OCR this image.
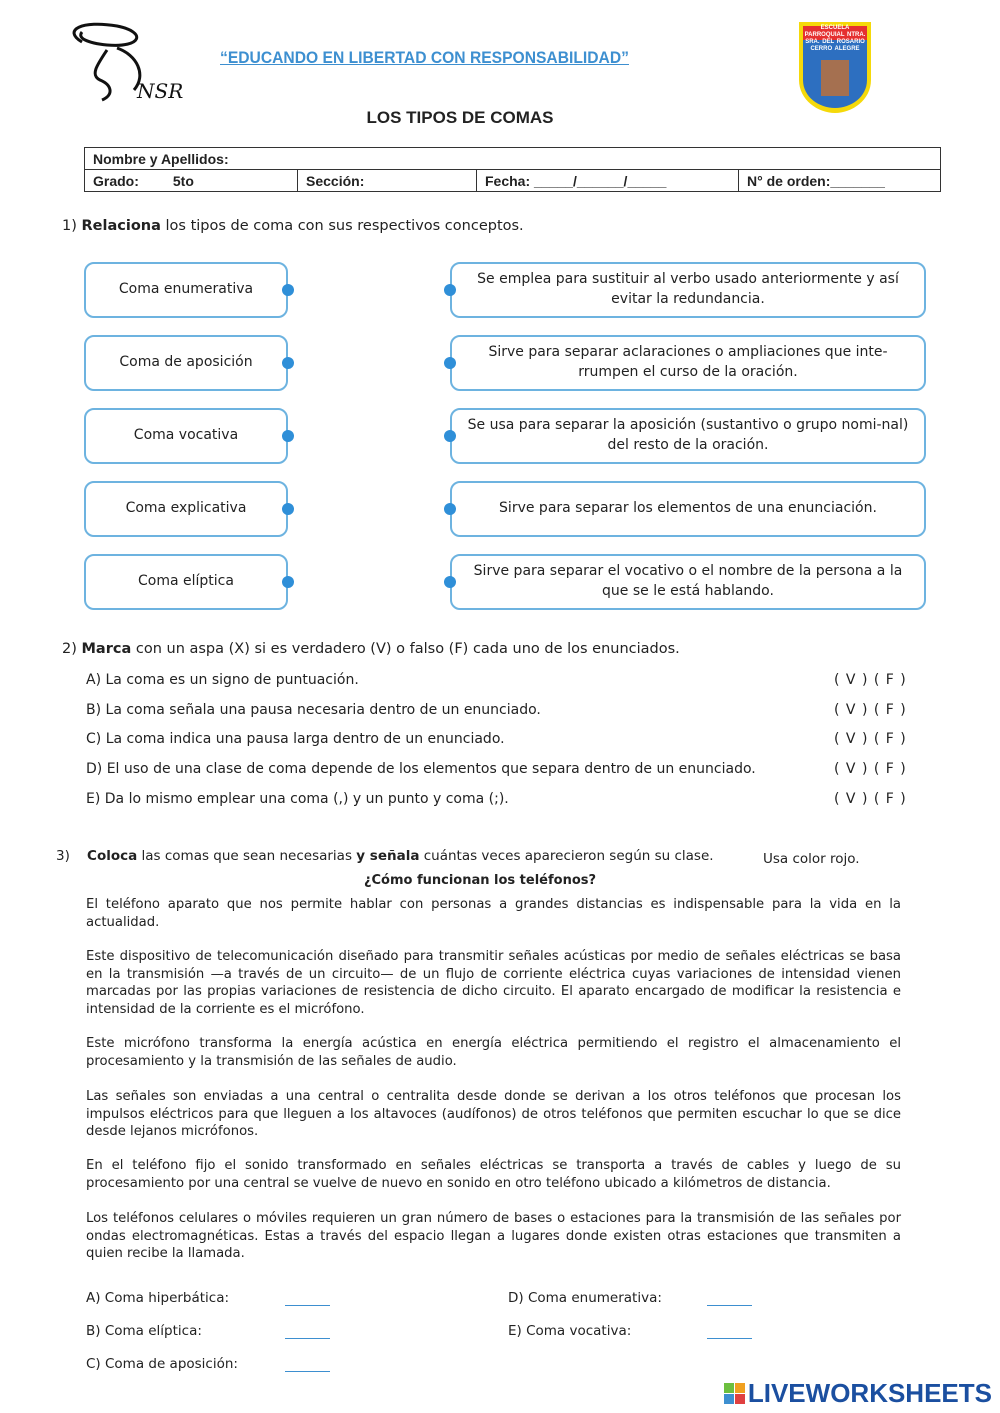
NSR
“EDUCANDO EN LIBERTAD CON RESPONSABILIDAD”
ESCUELA PARROQUIAL NTRA. SRA. DEL ROSARIO CERRO ALEGRE
LOS TIPOS DE COMAS
Nombre y Apellidos:
Grado: 5to	Sección:	Fecha: _____/______/_____	N° de orden:_______
1) Relaciona los tipos de coma con sus respectivos conceptos.
Coma enumerativa
Se emplea para sustituir al verbo usado anteriormente y así evitar la redundancia.
Coma de aposición
Sirve para separar aclaraciones o ampliaciones que inte-rrumpen el curso de la oración.
Coma vocativa
Se usa para separar la aposición (sustantivo o grupo nomi-nal) del resto de la oración.
Coma explicativa	Sirve para separar los elementos de una enunciación.
Coma elíptica
Sirve para separar el vocativo o el nombre de la persona a la que se le está hablando.
2) Marca con un aspa (X) si es verdadero (V) o falso (F) cada uno de los enunciados.
A) La coma es un signo de puntuación.	( V ) ( F )
B) La coma señala una pausa necesaria dentro de un enunciado.	( V ) ( F )
C) La coma indica una pausa larga dentro de un enunciado.	( V ) ( F )
D) El uso de una clase de coma depende de los elementos que separa dentro de un enunciado.	( V ) ( F )
E) Da lo mismo emplear una coma (,) y un punto y coma (;).	( V ) ( F )
3) Coloca las comas que sean necesarias y señala cuántas veces aparecieron según su clase.	Usa color rojo.
¿Cómo funcionan los teléfonos?
El teléfono aparato que nos permite hablar con personas a grandes distancias es indispensable para la vida en la actualidad.
Este dispositivo de telecomunicación diseñado para transmitir señales acústicas por medio de señales eléctricas se basa en la transmisión —a través de un circuito— de un flujo de corriente eléctrica cuyas variaciones de intensidad vienen marcadas por las propias variaciones de resistencia de dicho circuito. El aparato encargado de modificar la resistencia e intensidad de la corriente es el micrófono.
Este micrófono transforma la energía acústica en energía eléctrica permitiendo el registro el almacenamiento el procesamiento y la transmisión de las señales de audio.
Las señales son enviadas a una central o centralita desde donde se derivan a los otros teléfonos que procesan los impulsos eléctricos para que lleguen a los altavoces (audífonos) de otros teléfonos que permiten escuchar lo que se dice desde lejanos micrófonos.
En el teléfono fijo el sonido transformado en señales eléctricas se transporta a través de cables y luego de su procesamiento por una central se vuelve de nuevo en sonido en otro teléfono ubicado a kilómetros de distancia.
Los teléfonos celulares o móviles requieren un gran número de bases o estaciones para la transmisión de las señales por ondas electromagnéticas. Estas a través del espacio llegan a lugares donde existen otras estaciones que transmiten a quien recibe la llamada.
A) Coma hiperbática:
B) Coma elíptica:
C) Coma de aposición:
D) Coma enumerativa:
E) Coma vocativa:
LIVEWORKSHEETS
